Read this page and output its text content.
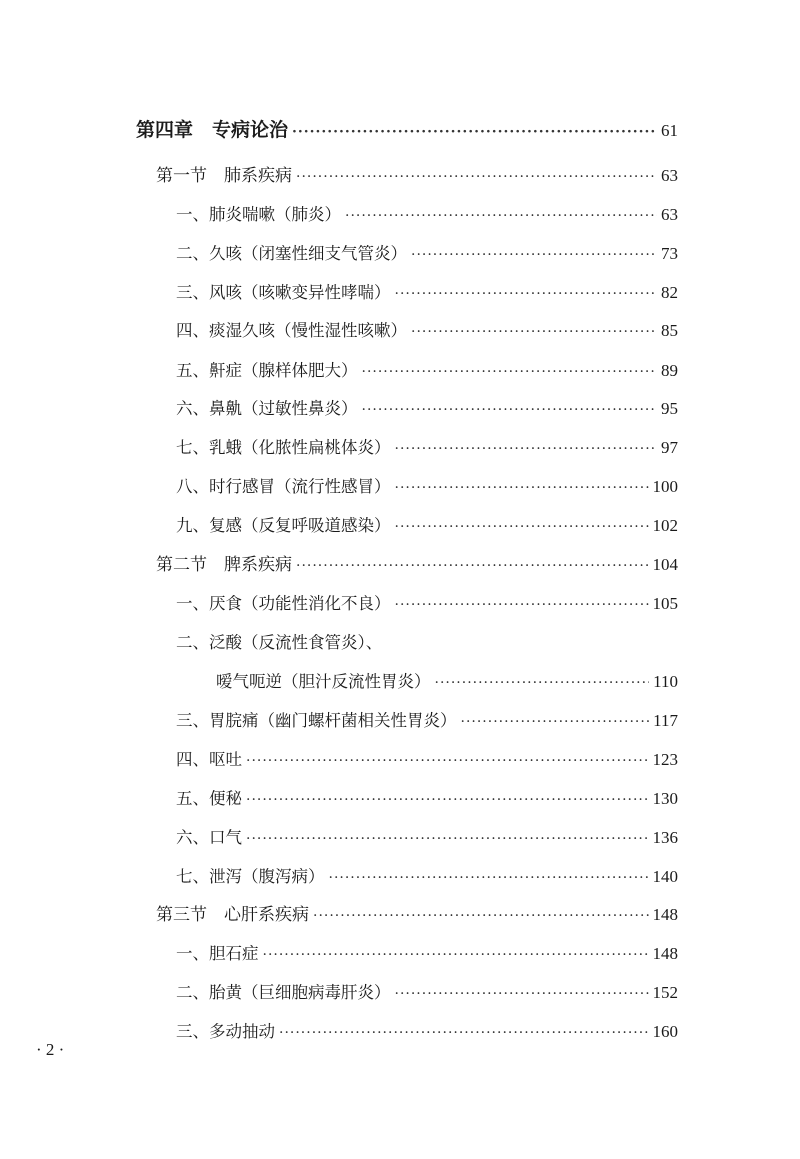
第四章　专病论治 ·····	61
第一节　肺系疾病 ·····	63
一、肺炎喘嗽（肺炎） ·····	63
二、久咳（闭塞性细支气管炎） ·····	73
三、风咳（咳嗽变异性哮喘） ·····	82
四、痰湿久咳（慢性湿性咳嗽） ·····	85
五、鼾症（腺样体肥大） ·····	89
六、鼻鼽（过敏性鼻炎） ·····	95
七、乳蛾（化脓性扁桃体炎） ·····	97
八、时行感冒（流行性感冒） ·····	100
九、复感（反复呼吸道感染） ·····	102
第二节　脾系疾病 ·····	104
一、厌食（功能性消化不良） ·····	105
二、泛酸（反流性食管炎）、
嗳气呃逆（胆汁反流性胃炎） ·····	110
三、胃脘痛（幽门螺杆菌相关性胃炎） ·····	117
四、呕吐 ·····	123
五、便秘 ·····	130
六、口气 ·····	136
七、泄泻（腹泻病） ·····	140
第三节　心肝系疾病 ·····	148
一、胆石症 ·····	148
二、胎黄（巨细胞病毒肝炎） ·····	152
三、多动抽动 ·····	160
· 2 ·
